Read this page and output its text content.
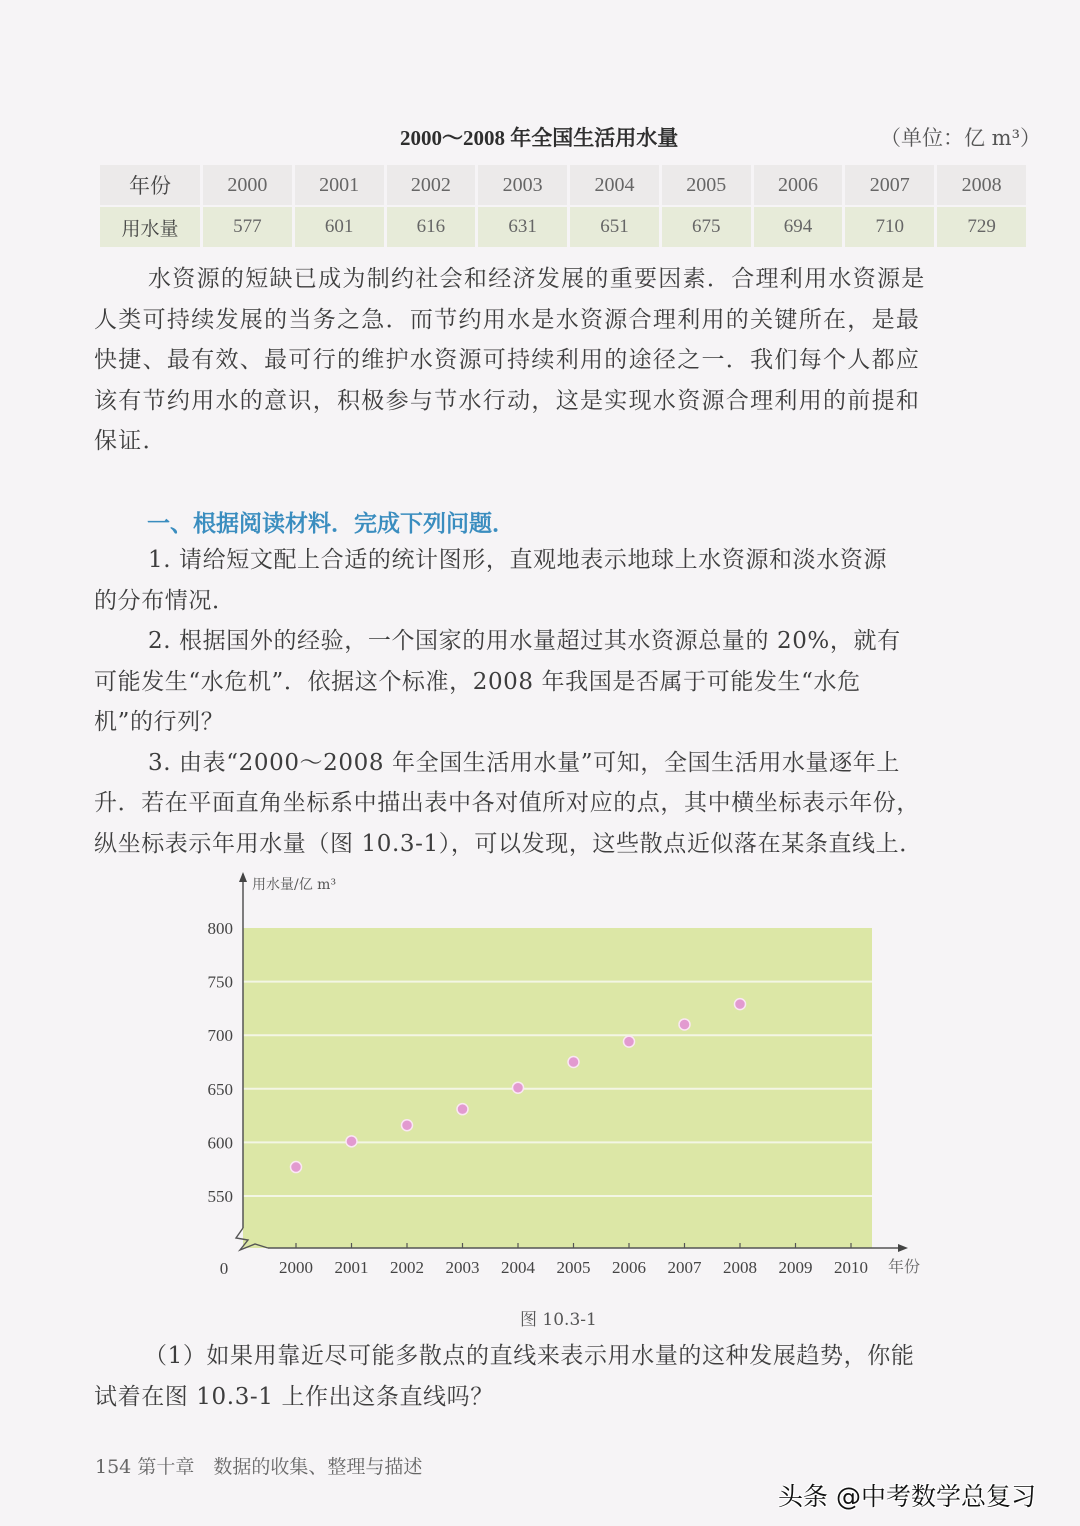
2000～2008 年全国生活用水量	（单位：亿 m³）
年份	2000	2001	2002	2003	2004	2005	2006	2007	2008
用水量	577	601	616	631	651	675	694	710	729

水资源的短缺已成为制约社会和经济发展的重要因素．合理利用水资源是

人类可持续发展的当务之急．而节约用水是水资源合理利用的关键所在，是最

快捷、最有效、最可行的维护水资源可持续利用的途径之一．我们每个人都应

该有节约用水的意识，积极参与节水行动，这是实现水资源合理利用的前提和

保证．

一、根据阅读材料．完成下列问题．

1. 请给短文配上合适的统计图形，直观地表示地球上水资源和淡水资源

的分布情况．

2. 根据国外的经验，一个国家的用水量超过其水资源总量的 20%，就有

可能发生“水危机”．依据这个标准，2008 年我国是否属于可能发生“水危

机”的行列？

3. 由表“2000～2008 年全国生活用水量”可知，全国生活用水量逐年上

升．若在平面直角坐标系中描出表中各对值所对应的点，其中横坐标表示年份，

纵坐标表示年用水量（图 10.3-1），可以发现，这些散点近似落在某条直线上．

2000 2001 2002 2003 2004 2005 2006 2007 2008 2009 2010 年份
800
750
700
650
600
550
0
用水量/亿 m³
图 10.3-1

（1）如果用靠近尽可能多散点的直线来表示用水量的这种发展趋势，你能

试着在图 10.3-1 上作出这条直线吗？

154 第十章　数据的收集、整理与描述
头条 @中考数学总复习
